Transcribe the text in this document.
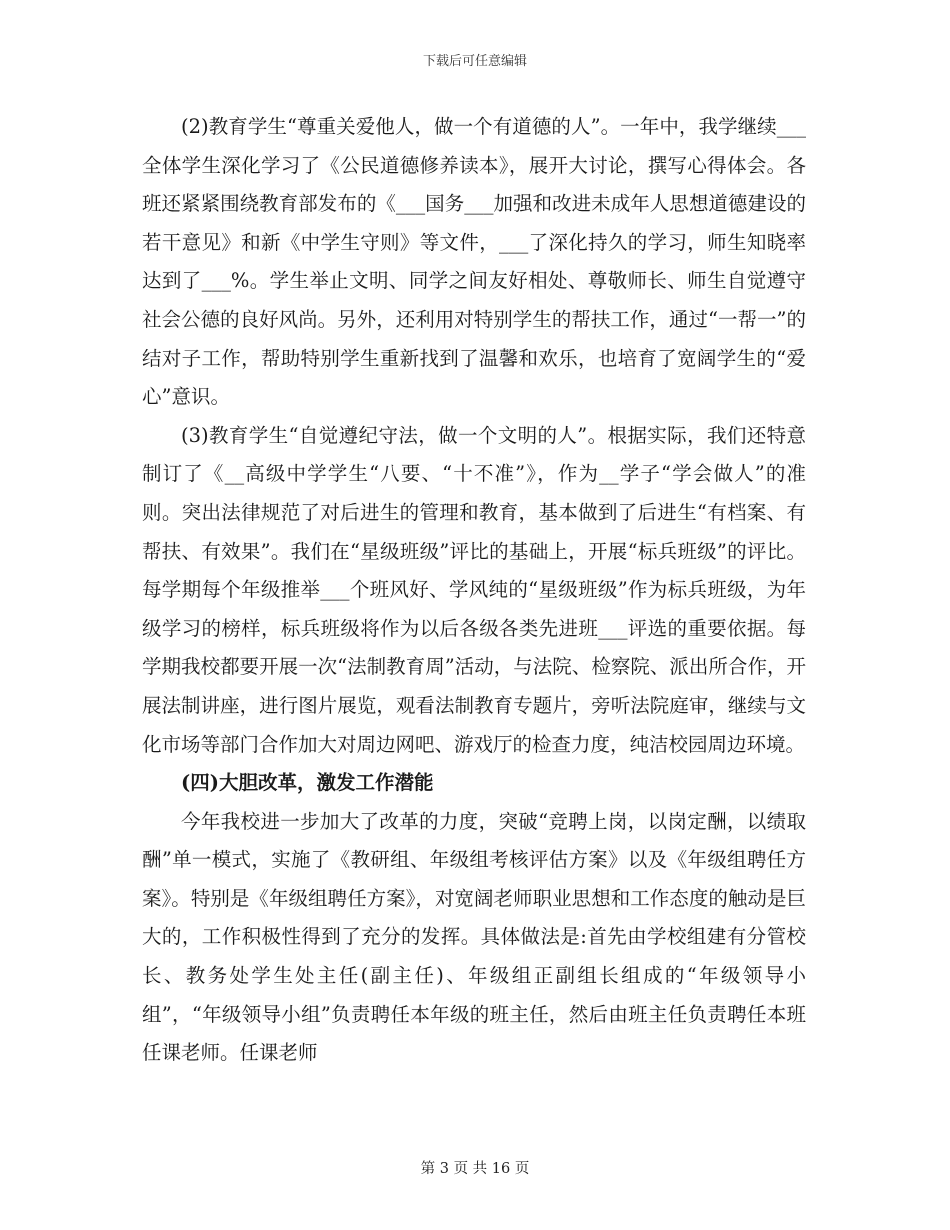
下载后可任意编辑

(2)教育学生“尊重关爱他人，做一个有道德的人”。一年中，我学继续___全体学生深化学习了《公民道德修养读本》，展开大讨论，撰写心得体会。各班还紧紧围绕教育部发布的《___国务___加强和改进未成年人思想道德建设的若干意见》和新《中学生守则》等文件，___了深化持久的学习，师生知晓率达到了___%。学生举止文明、同学之间友好相处、尊敬师长、师生自觉遵守社会公德的良好风尚。另外，还利用对特别学生的帮扶工作，通过“一帮一”的结对子工作，帮助特别学生重新找到了温馨和欢乐，也培育了宽阔学生的“爱心”意识。

(3)教育学生“自觉遵纪守法，做一个文明的人”。根据实际，我们还特意制订了《__高级中学学生“八要、“十不准”》，作为__学子“学会做人”的准则。突出法律规范了对后进生的管理和教育，基本做到了后进生“有档案、有帮扶、有效果”。我们在“星级班级”评比的基础上，开展“标兵班级”的评比。每学期每个年级推举___个班风好、学风纯的“星级班级”作为标兵班级，为年级学习的榜样，标兵班级将作为以后各级各类先进班___评选的重要依据。每学期我校都要开展一次“法制教育周”活动，与法院、检察院、派出所合作，开展法制讲座，进行图片展览，观看法制教育专题片，旁听法院庭审，继续与文化市场等部门合作加大对周边网吧、游戏厅的检查力度，纯洁校园周边环境。

(四)大胆改革，激发工作潜能

今年我校进一步加大了改革的力度，突破“竞聘上岗，以岗定酬，以绩取酬”单一模式，实施了《教研组、年级组考核评估方案》以及《年级组聘任方案》。特别是《年级组聘任方案》，对宽阔老师职业思想和工作态度的触动是巨大的，工作积极性得到了充分的发挥。具体做法是:首先由学校组建有分管校长、教务处学生处主任(副主任)、年级组正副组长组成的“年级领导小组”，“年级领导小组”负责聘任本年级的班主任，然后由班主任负责聘任本班任课老师。任课老师

第 3 页 共 16 页
